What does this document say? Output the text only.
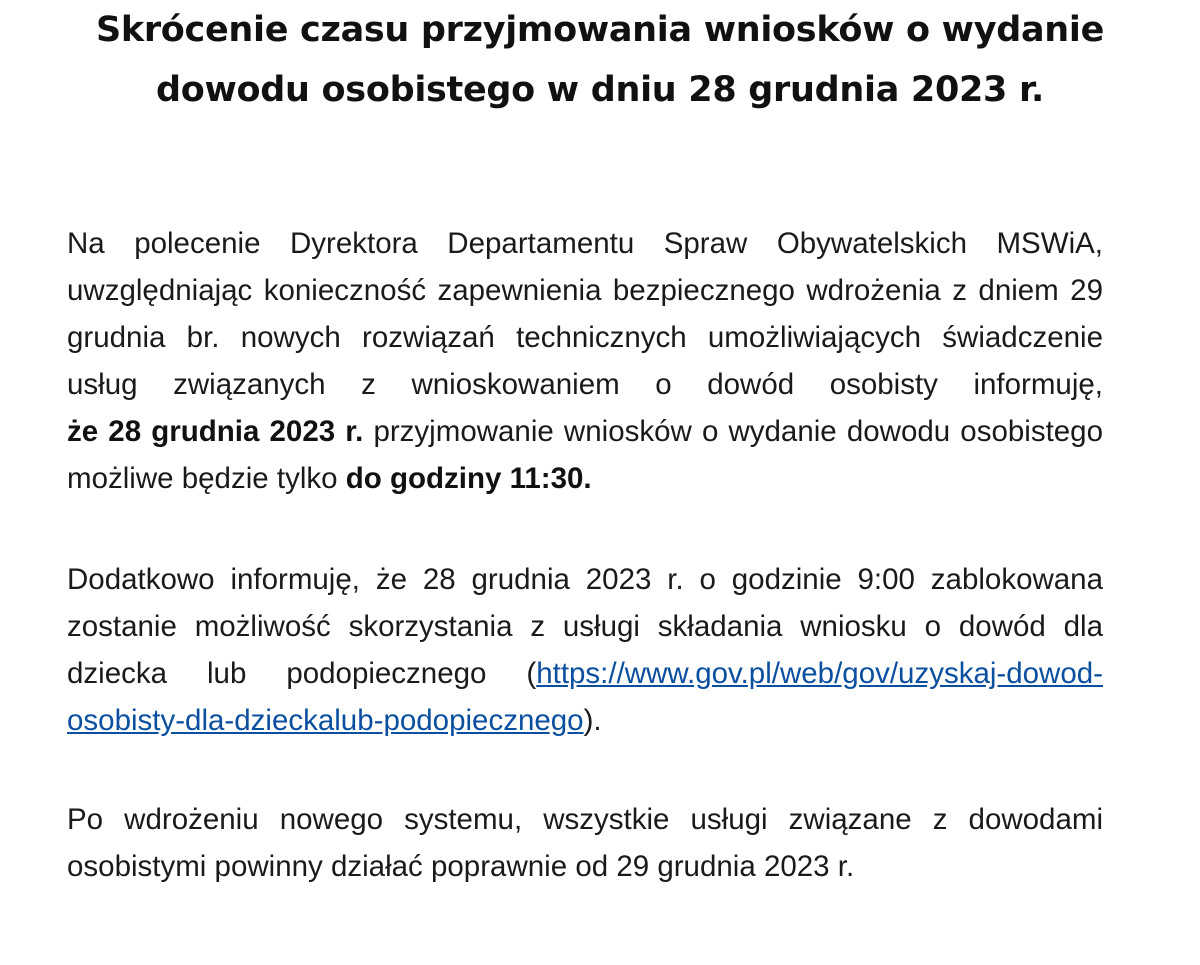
Skrócenie czasu przyjmowania wniosków o wydanie
dowodu osobistego w dniu 28 grudnia 2023 r.
Na polecenie Dyrektora Departamentu Spraw Obywatelskich MSWiA,
uwzględniając konieczność zapewnienia bezpiecznego wdrożenia z dniem 29
grudnia br. nowych rozwiązań technicznych umożliwiających świadczenie
usług związanych z wnioskowaniem o dowód osobisty informuję,
że 28 grudnia 2023 r. przyjmowanie wniosków o wydanie dowodu osobistego
możliwe będzie tylko do godziny 11:30.
Dodatkowo informuję, że 28 grudnia 2023 r. o godzinie 9:00 zablokowana
zostanie możliwość skorzystania z usługi składania wniosku o dowód dla
dziecka lub podopiecznego (https://www.gov.pl/web/gov/uzyskaj-dowod-
osobisty-dla-dzieckalub-podopiecznego).
Po wdrożeniu nowego systemu, wszystkie usługi związane z dowodami
osobistymi powinny działać poprawnie od 29 grudnia 2023 r.
